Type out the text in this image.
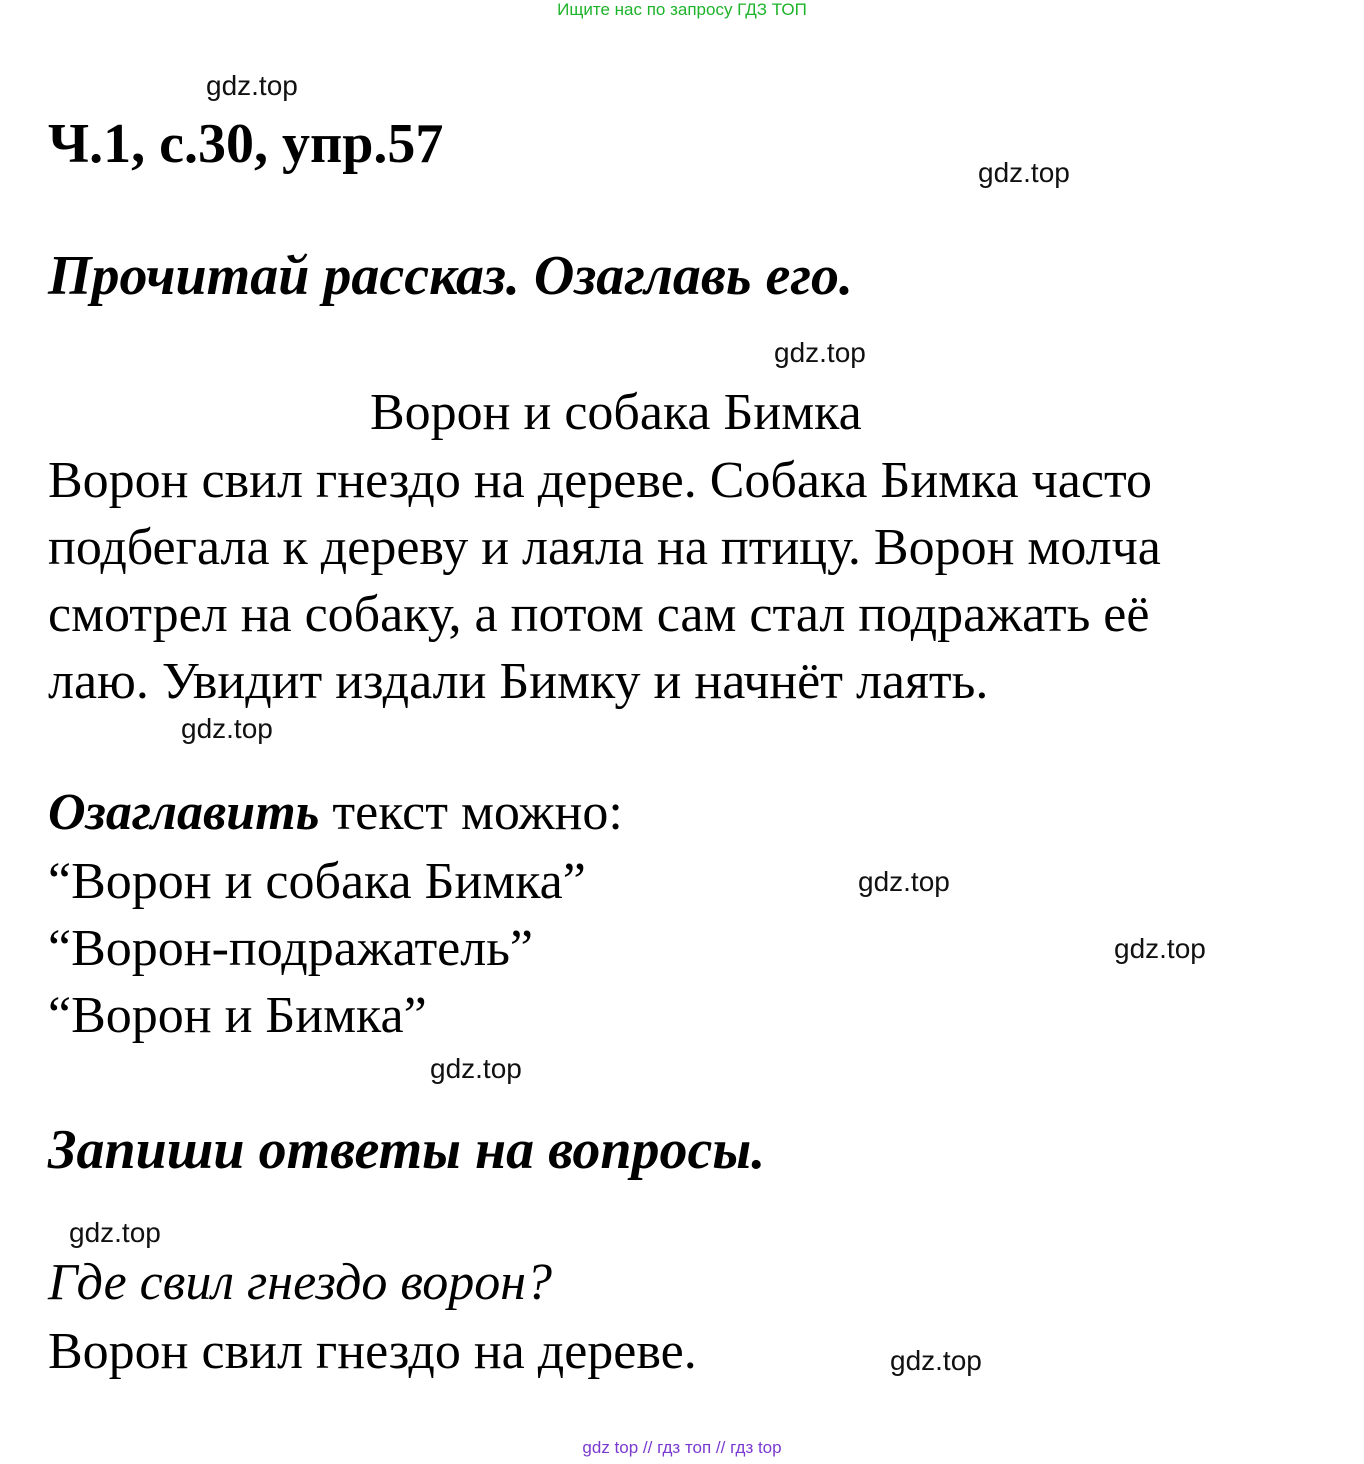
Ищите нас по запросу ГДЗ ТОП
gdz.top
gdz.top
gdz.top
gdz.top
gdz.top
gdz.top
gdz.top
gdz.top
gdz.top
Ч.1, с.30, упр.57
Прочитай рассказ. Озаглавь его.
Ворон и собака Бимка
Ворон свил гнездо на дереве. Собака Бимка часто
подбегала к дереву и лаяла на птицу. Ворон молча
смотрел на собаку, а потом сам стал подражать её
лаю. Увидит издали Бимку и начнёт лаять.
Озаглавить текст можно:
“Ворон и собака Бимка”
“Ворон-подражатель”
“Ворон и Бимка”
Запиши ответы на вопросы.
Где свил гнездо ворон?
Ворон свил гнездо на дереве.
gdz top // гдз топ // гдз top
